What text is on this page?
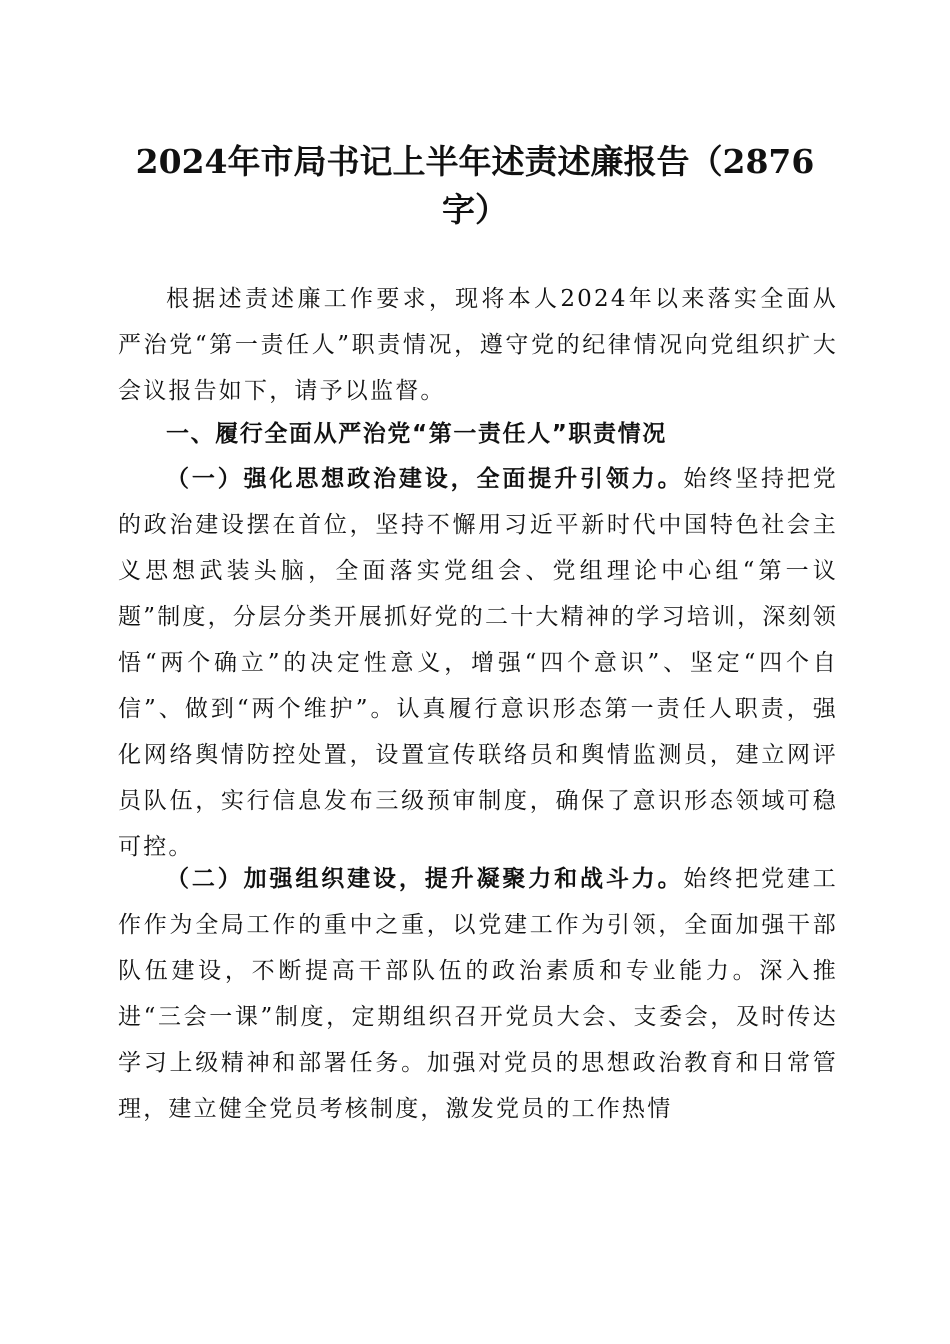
2024年市局书记上半年述责述廉报告（2876
字）

根据述责述廉工作要求，现将本人2024年以来落实全面从严治党“第一责任人”职责情况，遵守党的纪律情况向党组织扩大会议报告如下，请予以监督。

一、履行全面从严治党“第一责任人”职责情况

（一）强化思想政治建设，全面提升引领力。始终坚持把党的政治建设摆在首位，坚持不懈用习近平新时代中国特色社会主义思想武装头脑，全面落实党组会、党组理论中心组“第一议题”制度，分层分类开展抓好党的二十大精神的学习培训，深刻领悟“两个确立”的决定性意义，增强“四个意识”、坚定“四个自信”、做到“两个维护”。认真履行意识形态第一责任人职责，强化网络舆情防控处置，设置宣传联络员和舆情监测员，建立网评员队伍，实行信息发布三级预审制度，确保了意识形态领域可稳可控。

（二）加强组织建设，提升凝聚力和战斗力。始终把党建工作作为全局工作的重中之重，以党建工作为引领，全面加强干部队伍建设，不断提高干部队伍的政治素质和专业能力。深入推进“三会一课”制度，定期组织召开党员大会、支委会，及时传达学习上级精神和部署任务。加强对党员的思想政治教育和日常管理，建立健全党员考核制度，激发党员的工作热情
